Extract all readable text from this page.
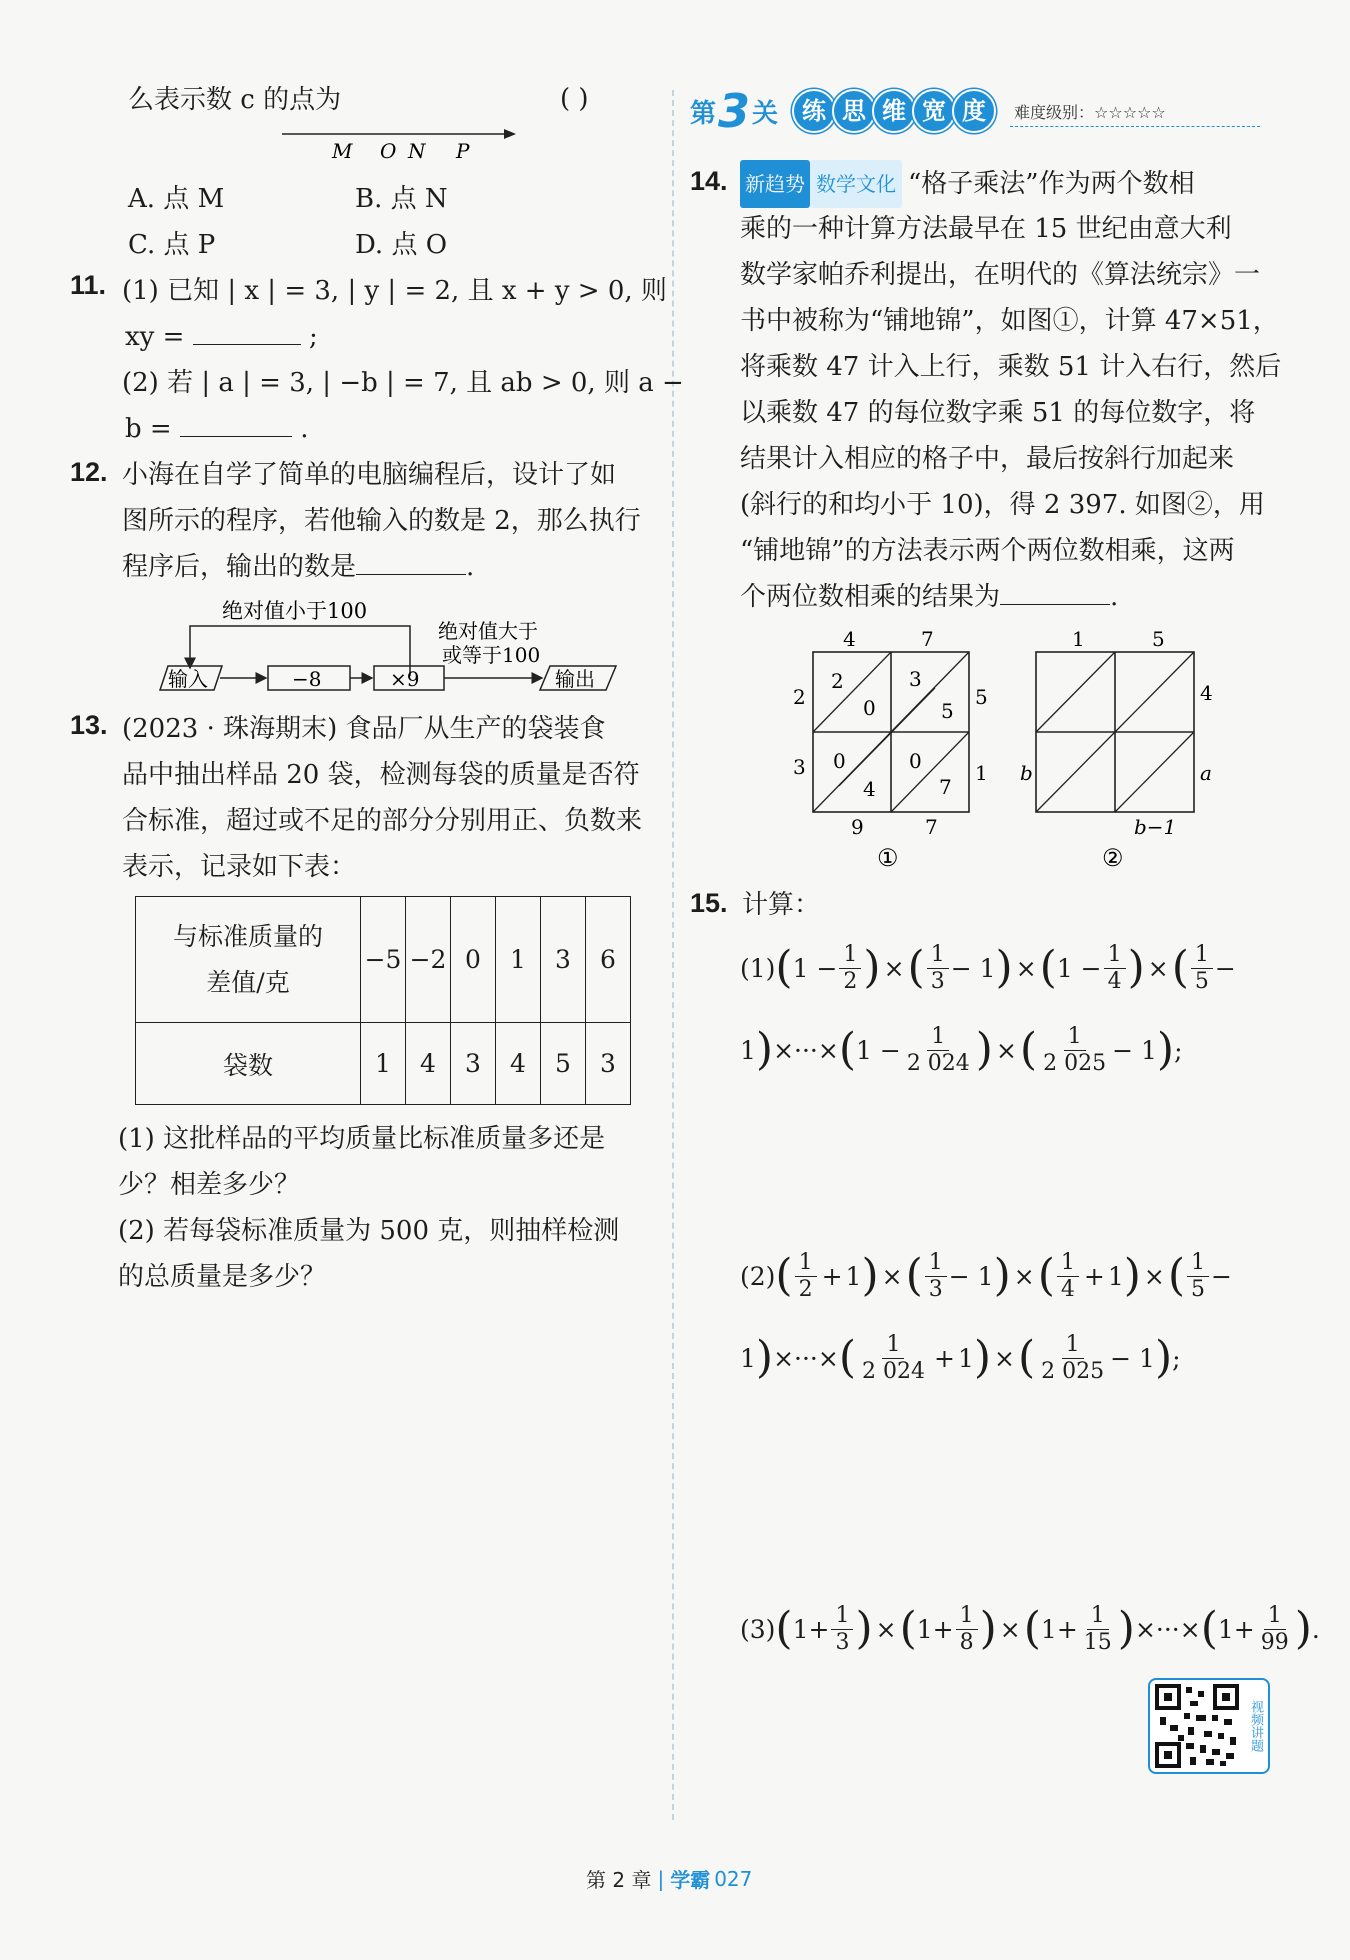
么表示数 c 的点为	( )
M O N P
A. 点 M	B. 点 N
C. 点 P	D. 点 O
11. (1) 已知 | x | = 3, | y | = 2, 且 x + y > 0, 则
xy =	;
(2) 若 | a | = 3, | −b | = 7, 且 ab > 0, 则 a −
b =	.
12. 小海在自学了简单的电脑编程后，设计了如
图所示的程序，若他输入的数是 2，那么执行
程序后，输出的数是	.
绝对值小于100
输入	−8	×9
绝对值大于
或等于100
输出
13. (2023 · 珠海期末) 食品厂从生产的袋装食
品中抽出样品 20 袋，检测每袋的质量是否符
合标准，超过或不足的部分分别用正、负数来
表示，记录如下表：
与标准质量的
差值/克	−5	−2	0	1	3	6
袋数	1	4	3	4	5	3
(1) 这批样品的平均质量比标准质量多还是
少？相差多少？
(2) 若每袋标准质量为 500 克，则抽样检测
的总质量是多少？
第 3 关	练 思 维 宽 度	难度级别：☆☆☆☆☆
14. 新趋势 数学文化 “格子乘法”作为两个数相
乘的一种计算方法最早在 15 世纪由意大利
数学家帕乔利提出，在明代的《算法统宗》一
书中被称为“铺地锦”，如图①，计算 47×51，
将乘数 47 计入上行，乘数 51 计入右行，然后
以乘数 47 的每位数字乘 51 的每位数字，将
结果计入相应的格子中，最后按斜行加起来
(斜行的和均小于 10)，得 2 397. 如图②，用
“铺地锦”的方法表示两个两位数相乘，这两
个两位数相乘的结果为	.
4	7
2
3
5
1
9	7
2
0
3
5
0
4
0
7
①
1	5
4
a
b
b−1
②
15. 计算：
(1) ( $1 - \frac{1}{2}$ ) × ( $\frac{1}{3} - 1$ ) × ( $1 - \frac{1}{4}$ ) × ( $\frac{1}{5}$ −
1 ) ×···× ( $1 - \frac{1}{2 024}$ ) × ( $\frac{1}{2 025} - 1$ ) ;
(2) ( $\frac{1}{2} + 1$ ) × ( $\frac{1}{3} - 1$ ) × ( $\frac{1}{4} + 1$ ) × ( $\frac{1}{5}$ −
1 ) ×···× ( $\frac{1}{2 024} + 1$ ) × ( $\frac{1}{2 025} - 1$ ) ;
(3) ( $1 + \frac{1}{3}$ ) × ( $1 + \frac{1}{8}$ ) × ( $1 + \frac{1}{15}$ ) ×···× ( $1 + \frac{1}{99}$ ) .
视频讲题
第 2 章 | 学霸 027
